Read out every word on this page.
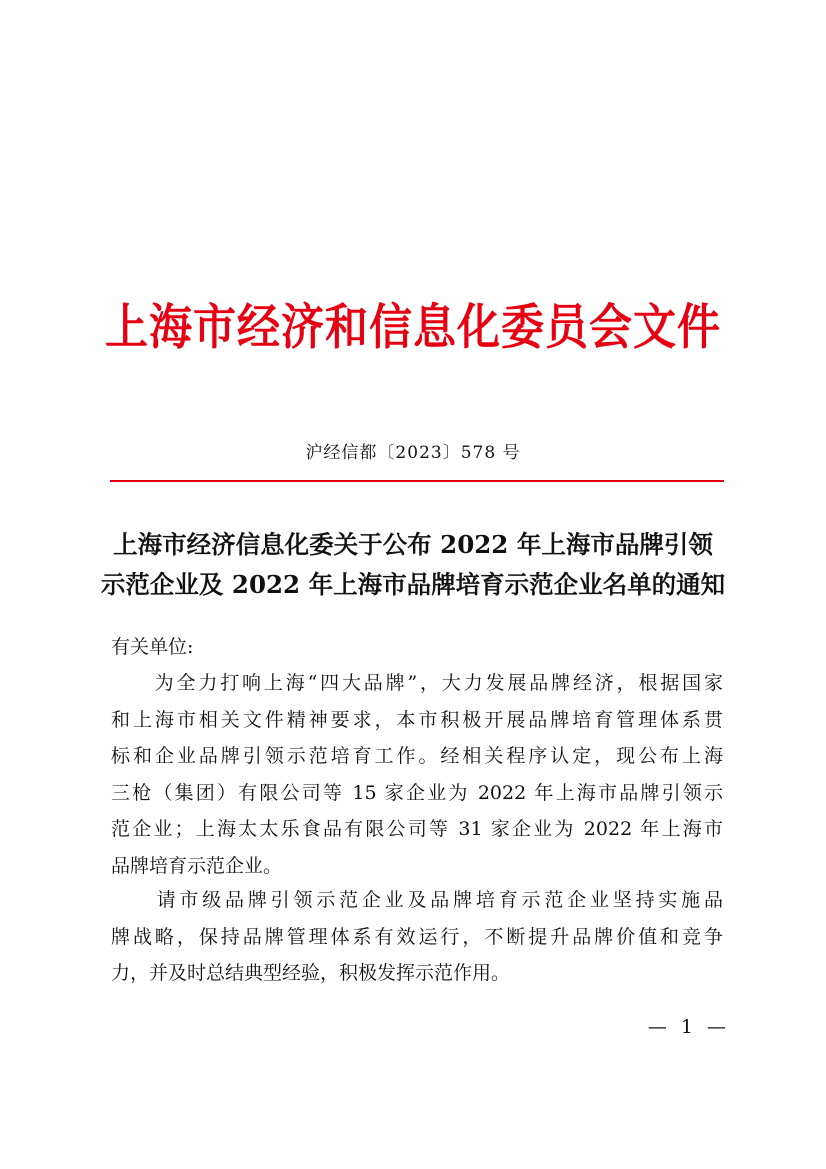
上海市经济和信息化委员会文件
沪经信都〔2023〕578 号
上海市经济信息化委关于公布 2022 年上海市品牌引领
示范企业及 2022 年上海市品牌培育示范企业名单的通知
有关单位:
　　为全力打响上海“四大品牌”，大力发展品牌经济，根据国家
和上海市相关文件精神要求，本市积极开展品牌培育管理体系贯
标和企业品牌引领示范培育工作。经相关程序认定，现公布上海
三枪（集团）有限公司等 15 家企业为 2022 年上海市品牌引领示
范企业；上海太太乐食品有限公司等 31 家企业为 2022 年上海市
品牌培育示范企业。
　　请市级品牌引领示范企业及品牌培育示范企业坚持实施品
牌战略，保持品牌管理体系有效运行，不断提升品牌价值和竞争
力，并及时总结典型经验，积极发挥示范作用。
— 1 —
